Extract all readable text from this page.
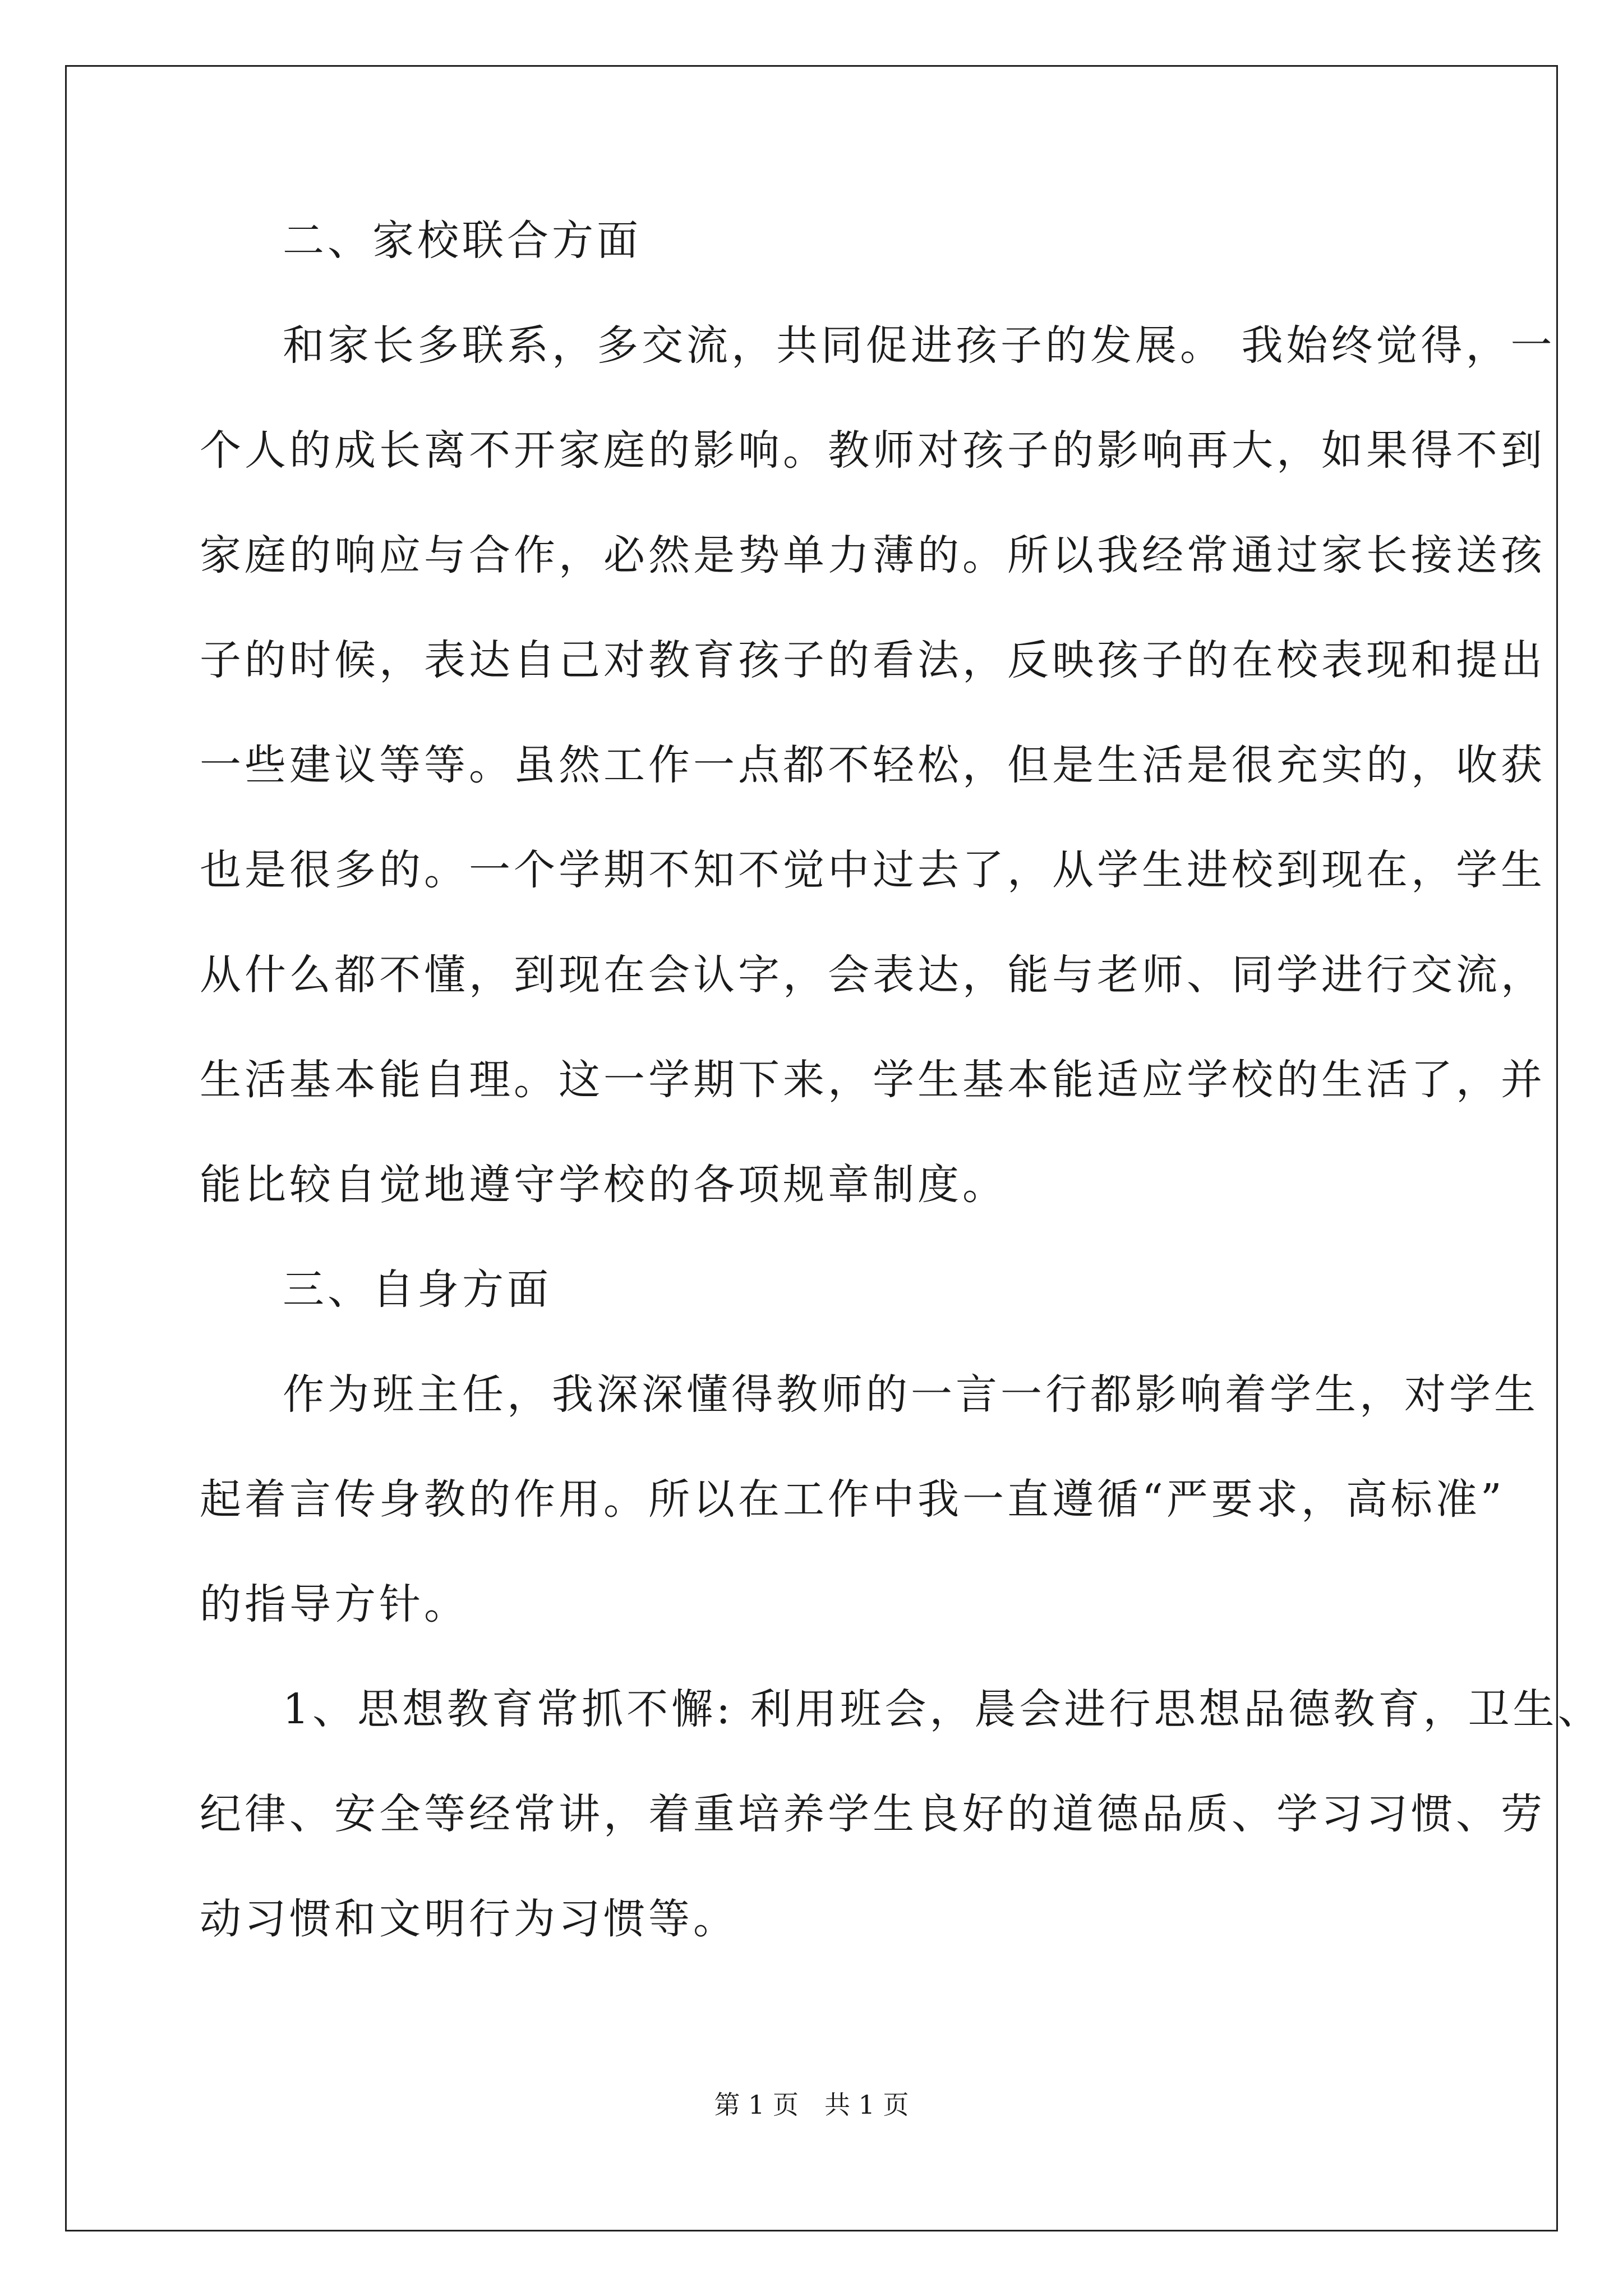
二、家校联合方面
和家长多联系，多交流，共同促进孩子的发展。 我始终觉得，一
个人的成长离不开家庭的影响。教师对孩子的影响再大，如果得不到
家庭的响应与合作，必然是势单力薄的。所以我经常通过家长接送孩
子的时候，表达自己对教育孩子的看法，反映孩子的在校表现和提出
一些建议等等。虽然工作一点都不轻松，但是生活是很充实的，收获
也是很多的。一个学期不知不觉中过去了，从学生进校到现在，学生
从什么都不懂，到现在会认字，会表达，能与老师、同学进行交流，
生活基本能自理。这一学期下来，学生基本能适应学校的生活了，并
能比较自觉地遵守学校的各项规章制度。
三、自身方面
作为班主任，我深深懂得教师的一言一行都影响着学生，对学生
起着言传身教的作用。所以在工作中我一直遵循“严要求，高标准”
的指导方针。
1、思想教育常抓不懈: 利用班会，晨会进行思想品德教育，卫生、
纪律、安全等经常讲，着重培养学生良好的道德品质、学习习惯、劳
动习惯和文明行为习惯等。
第 1 页　共 1 页
